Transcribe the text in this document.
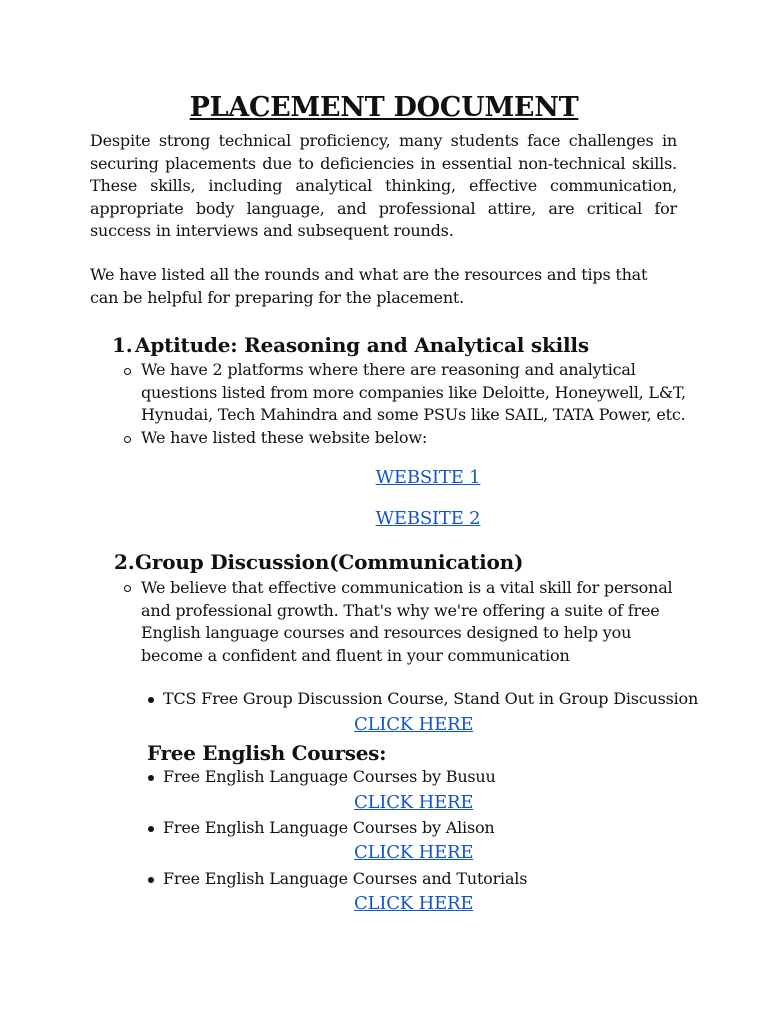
PLACEMENT DOCUMENT
Despite strong technical proficiency, many students face challenges in securing placements due to deficiencies in essential non-technical skills. These skills, including analytical thinking, effective communication, appropriate body language, and professional attire, are critical for success in interviews and subsequent rounds.
We have listed all the rounds and what are the resources and tips that can be helpful for preparing for the placement.
1. Aptitude: Reasoning and Analytical skills
We have 2 platforms where there are reasoning and analytical questions listed from more companies like Deloitte, Honeywell, L&T, Hynudai, Tech Mahindra and some PSUs like SAIL, TATA Power, etc.
We have listed these website below:
WEBSITE 1
WEBSITE 2
2. Group Discussion(Communication)
We believe that effective communication is a vital skill for personal and professional growth. That's why we're offering a suite of free English language courses and resources designed to help you become a confident and fluent in your communication
TCS Free Group Discussion Course, Stand Out in Group Discussion
CLICK HERE
Free English Courses:
Free English Language Courses by Busuu
CLICK HERE
Free English Language Courses by Alison
CLICK HERE
Free English Language Courses and Tutorials
CLICK HERE
